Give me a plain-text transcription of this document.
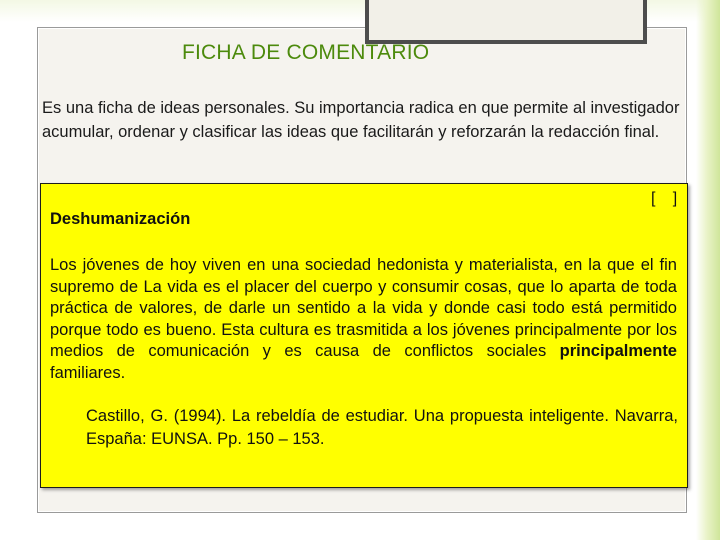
FICHA DE COMENTARIO

Es una ficha de ideas personales. Su importancia radica en que permite al investigador acumular, ordenar y clasificar las ideas que facilitarán y reforzarán la redacción final.

[   ]
Deshumanización

Los jóvenes de hoy viven en una sociedad hedonista y materialista, en la que el fin supremo de La vida es el placer del cuerpo y consumir cosas, que lo aparta de toda práctica de valores, de darle un sentido a la vida y donde casi todo está permitido porque todo es bueno. Esta cultura es trasmitida a los jóvenes principalmente por los medios de comunicación y es causa de conflictos sociales principalmente familiares.

Castillo, G. (1994). La rebeldía de estudiar. Una propuesta inteligente. Navarra, España: EUNSA. Pp. 150 – 153.
